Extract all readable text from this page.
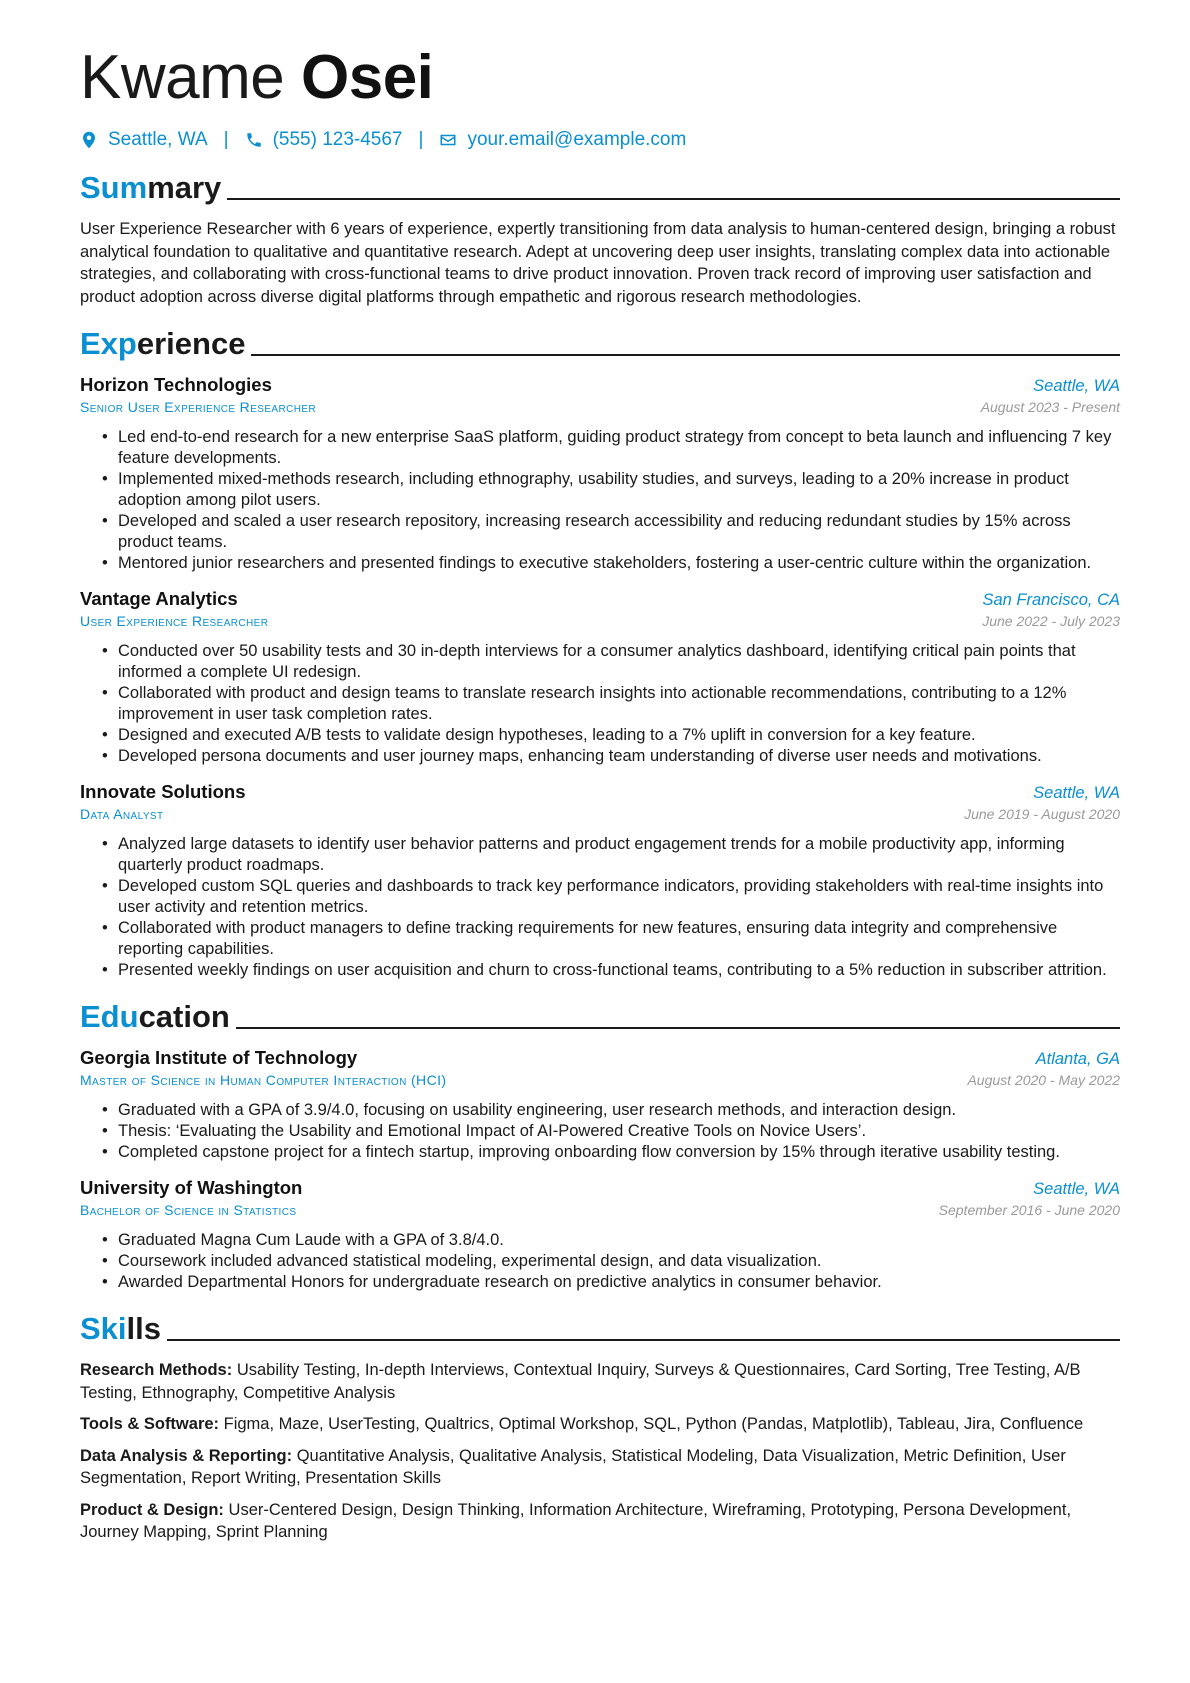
Kwame Osei
Seattle, WA | (555) 123-4567 | your.email@example.com
Summary
User Experience Researcher with 6 years of experience, expertly transitioning from data analysis to human-centered design, bringing a robust analytical foundation to qualitative and quantitative research. Adept at uncovering deep user insights, translating complex data into actionable strategies, and collaborating with cross-functional teams to drive product innovation. Proven track record of improving user satisfaction and product adoption across diverse digital platforms through empathetic and rigorous research methodologies.
Experience
Horizon Technologies	Seattle, WA
Senior User Experience Researcher	August 2023 - Present
• Led end-to-end research for a new enterprise SaaS platform, guiding product strategy from concept to beta launch and influencing 7 key feature developments.
• Implemented mixed-methods research, including ethnography, usability studies, and surveys, leading to a 20% increase in product adoption among pilot users.
• Developed and scaled a user research repository, increasing research accessibility and reducing redundant studies by 15% across product teams.
• Mentored junior researchers and presented findings to executive stakeholders, fostering a user-centric culture within the organization.
Vantage Analytics	San Francisco, CA
User Experience Researcher	June 2022 - July 2023
• Conducted over 50 usability tests and 30 in-depth interviews for a consumer analytics dashboard, identifying critical pain points that informed a complete UI redesign.
• Collaborated with product and design teams to translate research insights into actionable recommendations, contributing to a 12% improvement in user task completion rates.
• Designed and executed A/B tests to validate design hypotheses, leading to a 7% uplift in conversion for a key feature.
• Developed persona documents and user journey maps, enhancing team understanding of diverse user needs and motivations.
Innovate Solutions	Seattle, WA
Data Analyst	June 2019 - August 2020
• Analyzed large datasets to identify user behavior patterns and product engagement trends for a mobile productivity app, informing quarterly product roadmaps.
• Developed custom SQL queries and dashboards to track key performance indicators, providing stakeholders with real-time insights into user activity and retention metrics.
• Collaborated with product managers to define tracking requirements for new features, ensuring data integrity and comprehensive reporting capabilities.
• Presented weekly findings on user acquisition and churn to cross-functional teams, contributing to a 5% reduction in subscriber attrition.
Education
Georgia Institute of Technology	Atlanta, GA
Master of Science in Human Computer Interaction (HCI)	August 2020 - May 2022
• Graduated with a GPA of 3.9/4.0, focusing on usability engineering, user research methods, and interaction design.
• Thesis: ‘Evaluating the Usability and Emotional Impact of AI-Powered Creative Tools on Novice Users’.
• Completed capstone project for a fintech startup, improving onboarding flow conversion by 15% through iterative usability testing.
University of Washington	Seattle, WA
Bachelor of Science in Statistics	September 2016 - June 2020
• Graduated Magna Cum Laude with a GPA of 3.8/4.0.
• Coursework included advanced statistical modeling, experimental design, and data visualization.
• Awarded Departmental Honors for undergraduate research on predictive analytics in consumer behavior.
Skills
Research Methods: Usability Testing, In-depth Interviews, Contextual Inquiry, Surveys & Questionnaires, Card Sorting, Tree Testing, A/B Testing, Ethnography, Competitive Analysis
Tools & Software: Figma, Maze, UserTesting, Qualtrics, Optimal Workshop, SQL, Python (Pandas, Matplotlib), Tableau, Jira, Confluence
Data Analysis & Reporting: Quantitative Analysis, Qualitative Analysis, Statistical Modeling, Data Visualization, Metric Definition, User Segmentation, Report Writing, Presentation Skills
Product & Design: User-Centered Design, Design Thinking, Information Architecture, Wireframing, Prototyping, Persona Development, Journey Mapping, Sprint Planning
